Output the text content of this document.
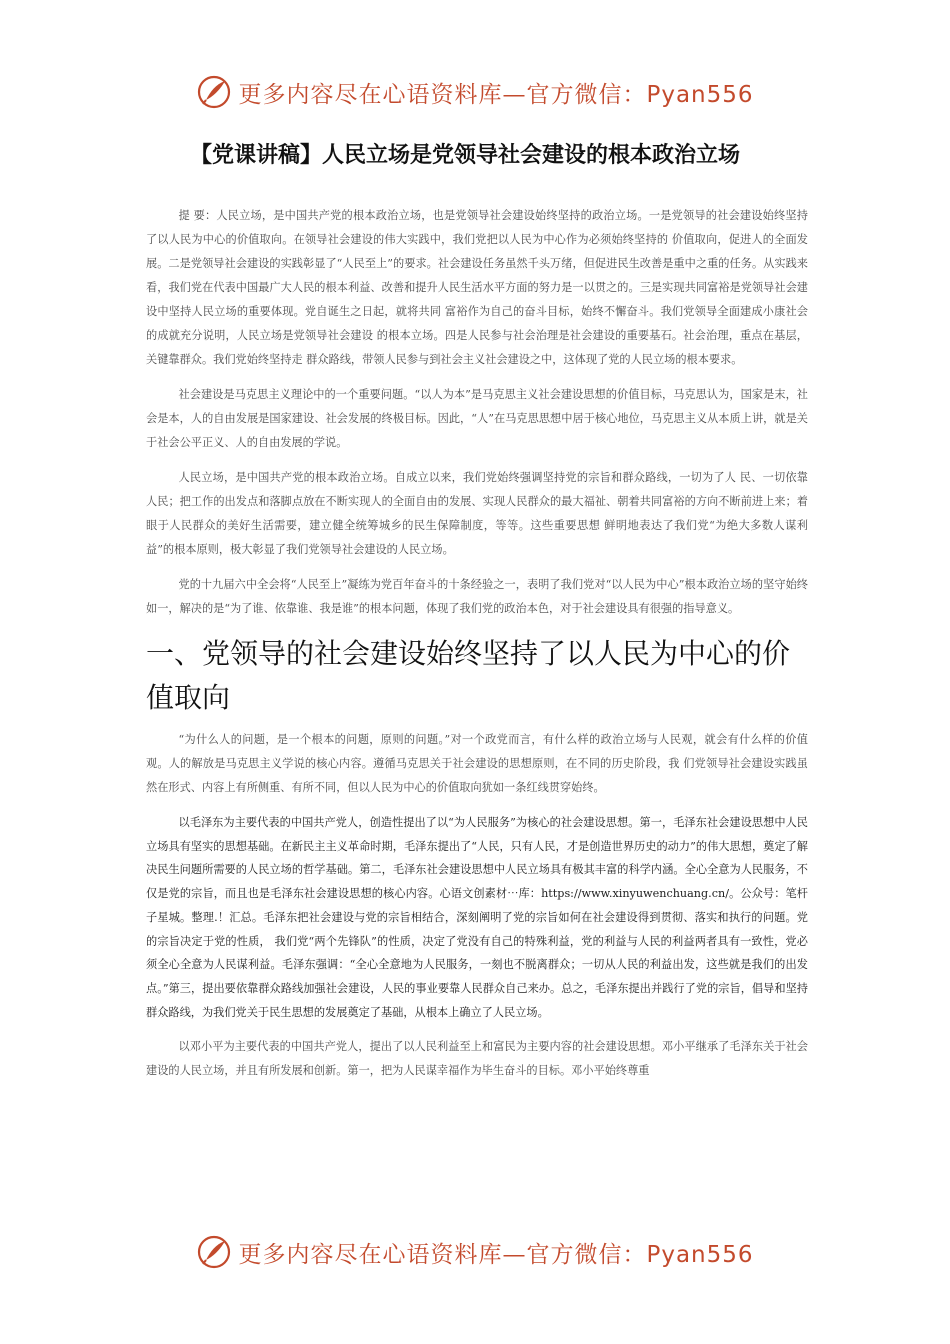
更多内容尽在心语资料库—官方微信：Pyan556
【党课讲稿】人民立场是党领导社会建设的根本政治立场

提 要：人民立场，是中国共产党的根本政治立场，也是党领导社会建设始终坚持的政治立场。一是党领导的社会建设始终坚持了以人民为中心的价值取向。在领导社会建设的伟大实践中，我们党把以人民为中心作为必须始终坚持的 价值取向，促进人的全面发展。二是党领导社会建设的实践彰显了“人民至上”的要求。社会建设任务虽然千头万绪，但促进民生改善是重中之重的任务。从实践来看，我们党在代表中国最广大人民的根本利益、改善和提升人民生活水平方面的努力是一以贯之的。三是实现共同富裕是党领导社会建设中坚持人民立场的重要体现。党自诞生之日起，就将共同 富裕作为自己的奋斗目标，始终不懈奋斗。我们党领导全面建成小康社会的成就充分说明，人民立场是党领导社会建设 的根本立场。四是人民参与社会治理是社会建设的重要基石。社会治理，重点在基层，关键靠群众。我们党始终坚持走 群众路线，带领人民参与到社会主义社会建设之中，这体现了党的人民立场的根本要求。

社会建设是马克思主义理论中的一个重要问题。“以人为本”是马克思主义社会建设思想的价值目标，马克思认为，国家是末，社会是本，人的自由发展是国家建设、社会发展的终极目标。因此，“人”在马克思思想中居于核心地位，马克思主义从本质上讲，就是关于社会公平正义、人的自由发展的学说。

人民立场，是中国共产党的根本政治立场。自成立以来，我们党始终强调坚持党的宗旨和群众路线，一切为了人 民、一切依靠人民；把工作的出发点和落脚点放在不断实现人的全面自由的发展、实现人民群众的最大福祉、朝着共同富裕的方向不断前进上来；着眼于人民群众的美好生活需要，建立健全统筹城乡的民生保障制度，等等。这些重要思想 鲜明地表达了我们党“为绝大多数人谋利益”的根本原则，极大彰显了我们党领导社会建设的人民立场。

党的十九届六中全会将“人民至上”凝练为党百年奋斗的十条经验之一，表明了我们党对“以人民为中心”根本政治立场的坚守始终如一，解决的是“为了谁、依靠谁、我是谁”的根本问题，体现了我们党的政治本色，对于社会建设具有很强的指导意义。

一、党领导的社会建设始终坚持了以人民为中心的价值取向

“为什么人的问题，是一个根本的问题，原则的问题。”对一个政党而言，有什么样的政治立场与人民观，就会有什么样的价值观。人的解放是马克思主义学说的核心内容。遵循马克思关于社会建设的思想原则，在不同的历史阶段，我 们党领导社会建设实践虽然在形式、内容上有所侧重、有所不同，但以人民为中心的价值取向犹如一条红线贯穿始终。

以毛泽东为主要代表的中国共产党人，创造性提出了以“为人民服务”为核心的社会建设思想。第一，毛泽东社会建设思想中人民立场具有坚实的思想基础。在新民主主义革命时期，毛泽东提出了“人民，只有人民，才是创造世界历史的动力”的伟大思想，奠定了解决民生问题所需要的人民立场的哲学基础。第二，毛泽东社会建设思想中人民立场具有极其丰富的科学内涵。全心全意为人民服务，不仅是党的宗旨，而且也是毛泽东社会建设思想的核心内容。心语文创素材⋯库：https://www.xinyuwenchuang.cn/。公众号：笔杆子星城。整理.！汇总。毛泽东把社会建设与党的宗旨相结合，深刻阐明了党的宗旨如何在社会建设得到贯彻、落实和执行的问题。党的宗旨决定于党的性质， 我们党“两个先锋队”的性质，决定了党没有自己的特殊利益，党的利益与人民的利益两者具有一致性，党必须全心全意为人民谋利益。毛泽东强调：“全心全意地为人民服务，一刻也不脱离群众；一切从人民的利益出发，这些就是我们的出发点。”第三，提出要依靠群众路线加强社会建设，人民的事业要靠人民群众自己来办。总之，毛泽东提出并践行了党的宗旨，倡导和坚持群众路线，为我们党关于民生思想的发展奠定了基础，从根本上确立了人民立场。

以邓小平为主要代表的中国共产党人，提出了以人民利益至上和富民为主要内容的社会建设思想。邓小平继承了毛泽东关于社会建设的人民立场，并且有所发展和创新。第一，把为人民谋幸福作为毕生奋斗的目标。邓小平始终尊重

更多内容尽在心语资料库—官方微信：Pyan556
